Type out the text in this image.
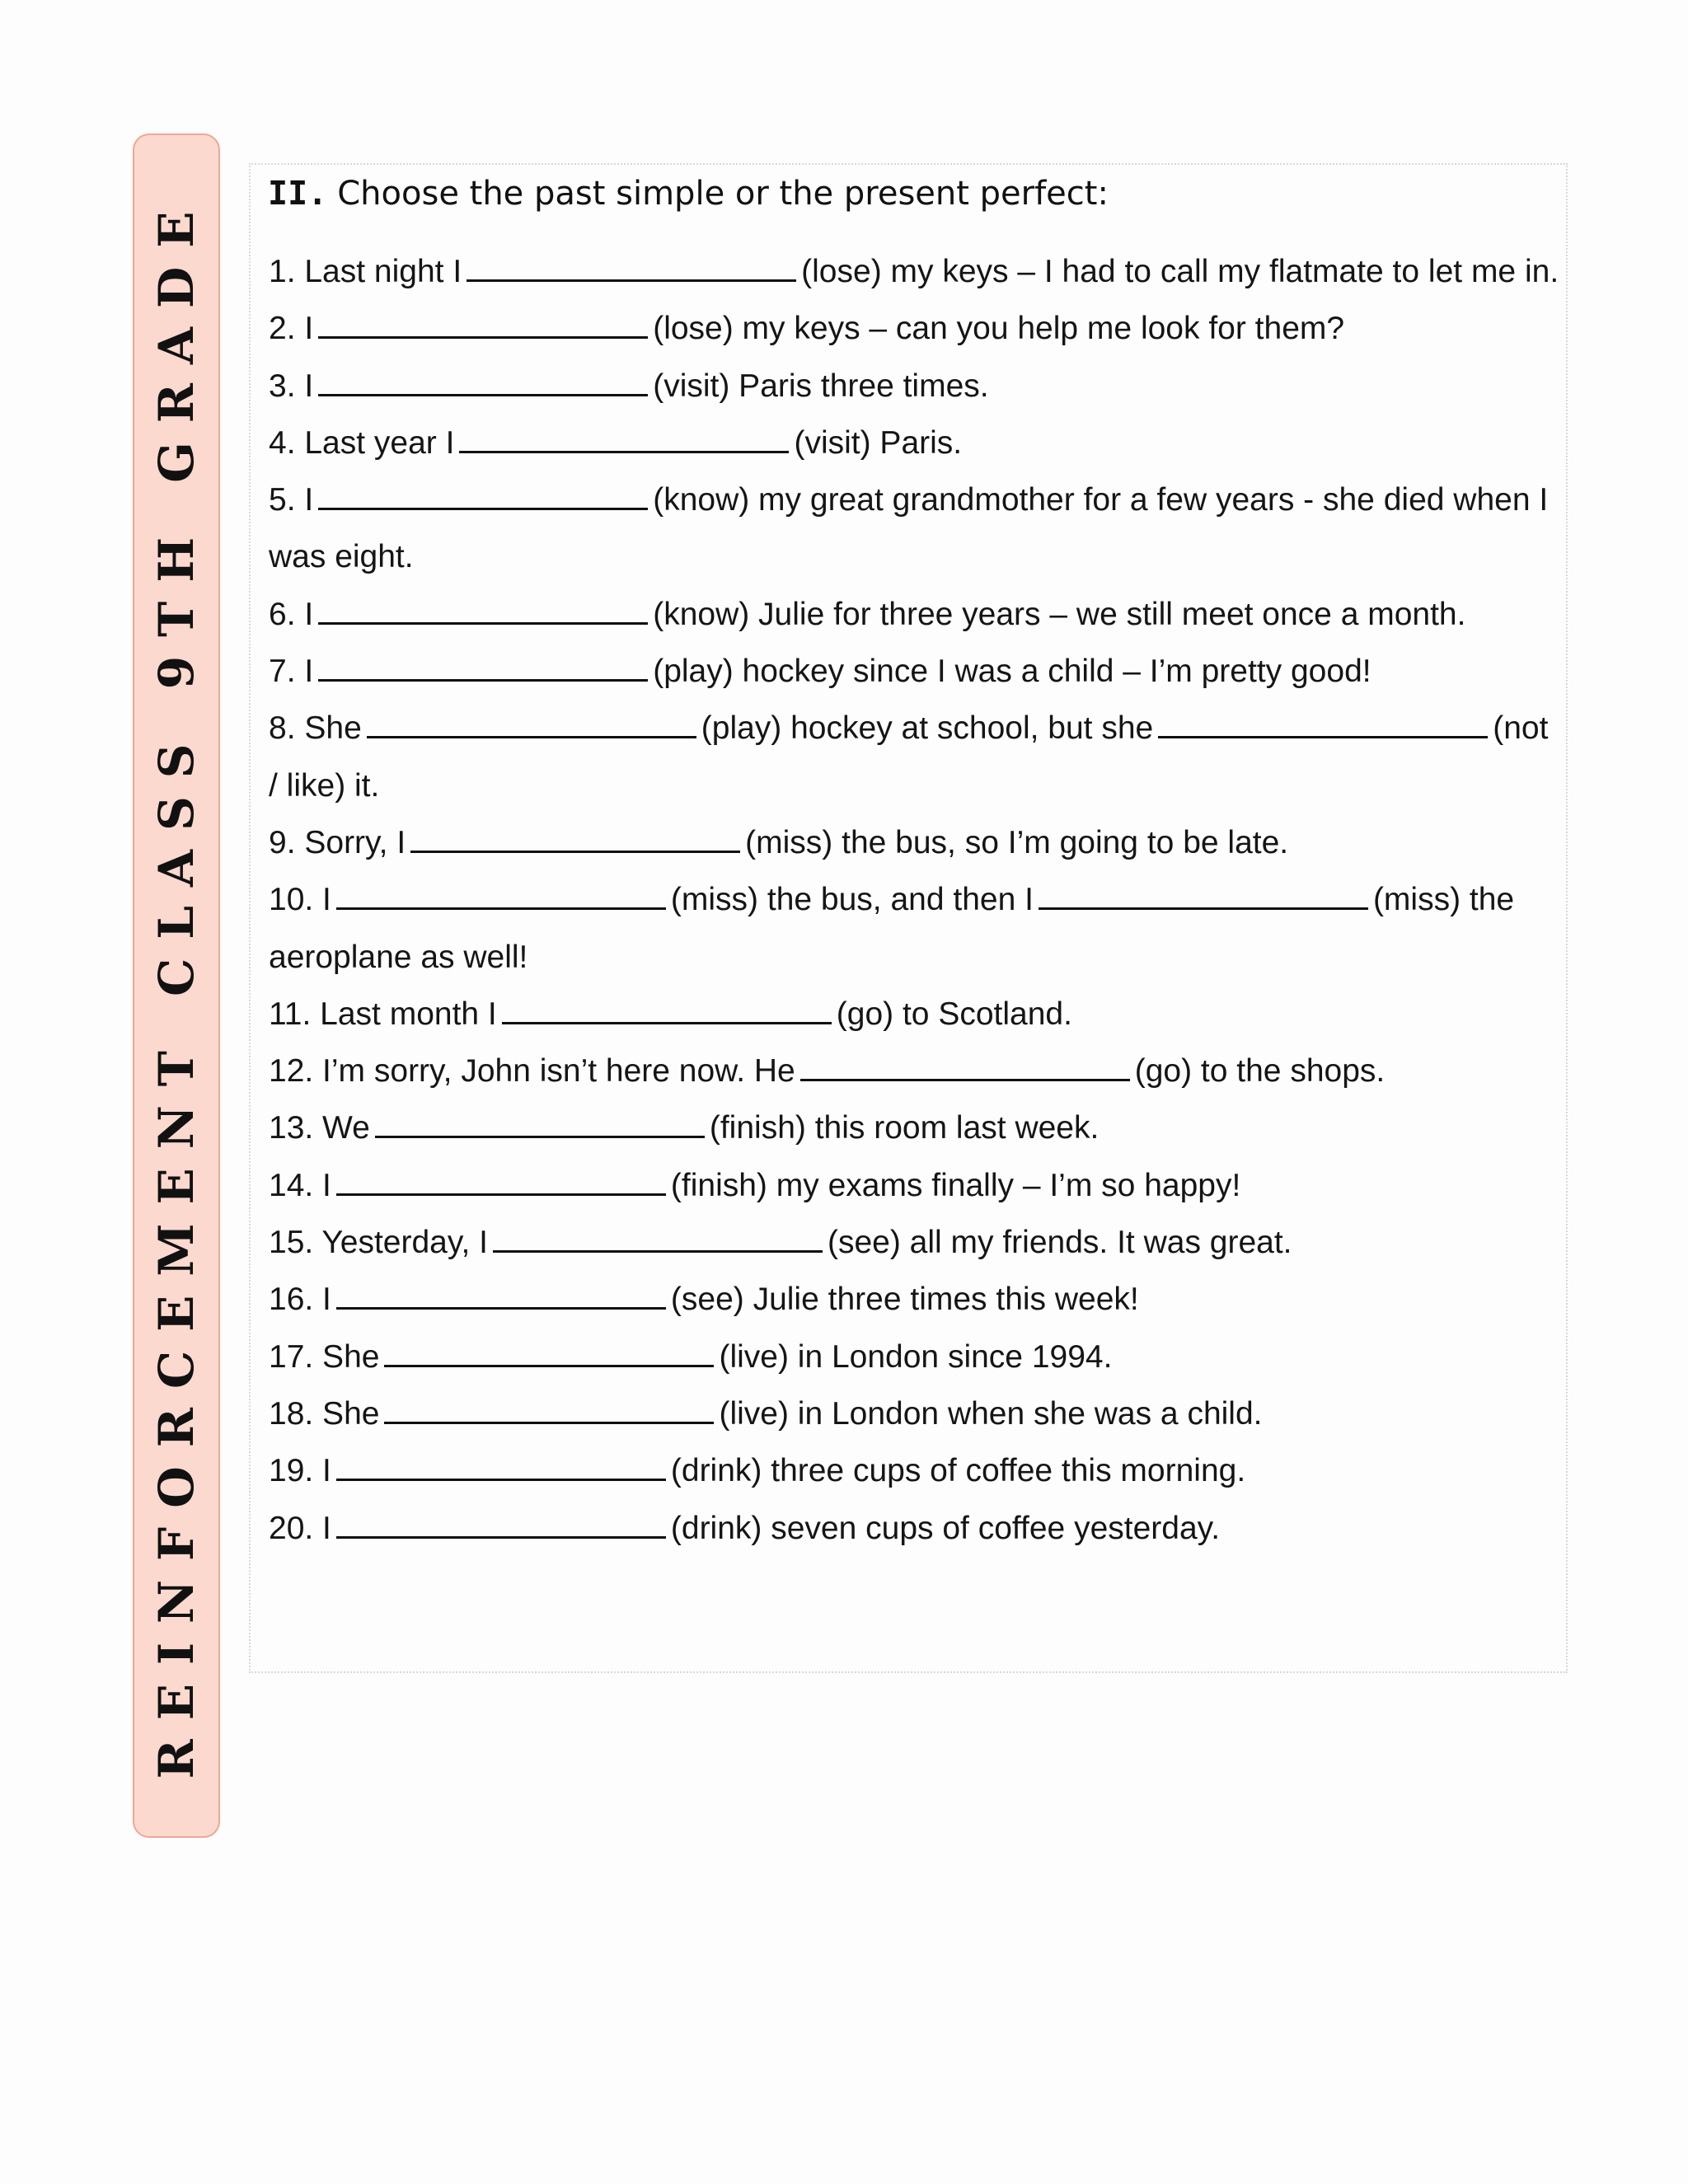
REINFORCEMENT CLASS 9TH GRADE II. Choose the past simple or the present perfect:
1. Last night I	(lose) my keys – I had to call my flatmate to let me in.
2. I	(lose) my keys – can you help me look for them?
3. I	(visit) Paris three times.
4. Last year I	(visit) Paris.
5. I	(know) my great grandmother for a few years - she died when I was eight.
6. I	(know) Julie for three years – we still meet once a month.
7. I	(play) hockey since I was a child – I’m pretty good!
8. She	(play) hockey at school, but she	(not / like) it.
9. Sorry, I	(miss) the bus, so I’m going to be late.
10. I	(miss) the bus, and then I	(miss) the aeroplane as well!
11. Last month I	(go) to Scotland.
12. I’m sorry, John isn’t here now. He	(go) to the shops.
13. We	(finish) this room last week.
14. I	(finish) my exams finally – I’m so happy!
15. Yesterday, I	(see) all my friends. It was great.
16. I	(see) Julie three times this week!
17. She	(live) in London since 1994.
18. She	(live) in London when she was a child.
19. I	(drink) three cups of coffee this morning.
20. I	(drink) seven cups of coffee yesterday.
